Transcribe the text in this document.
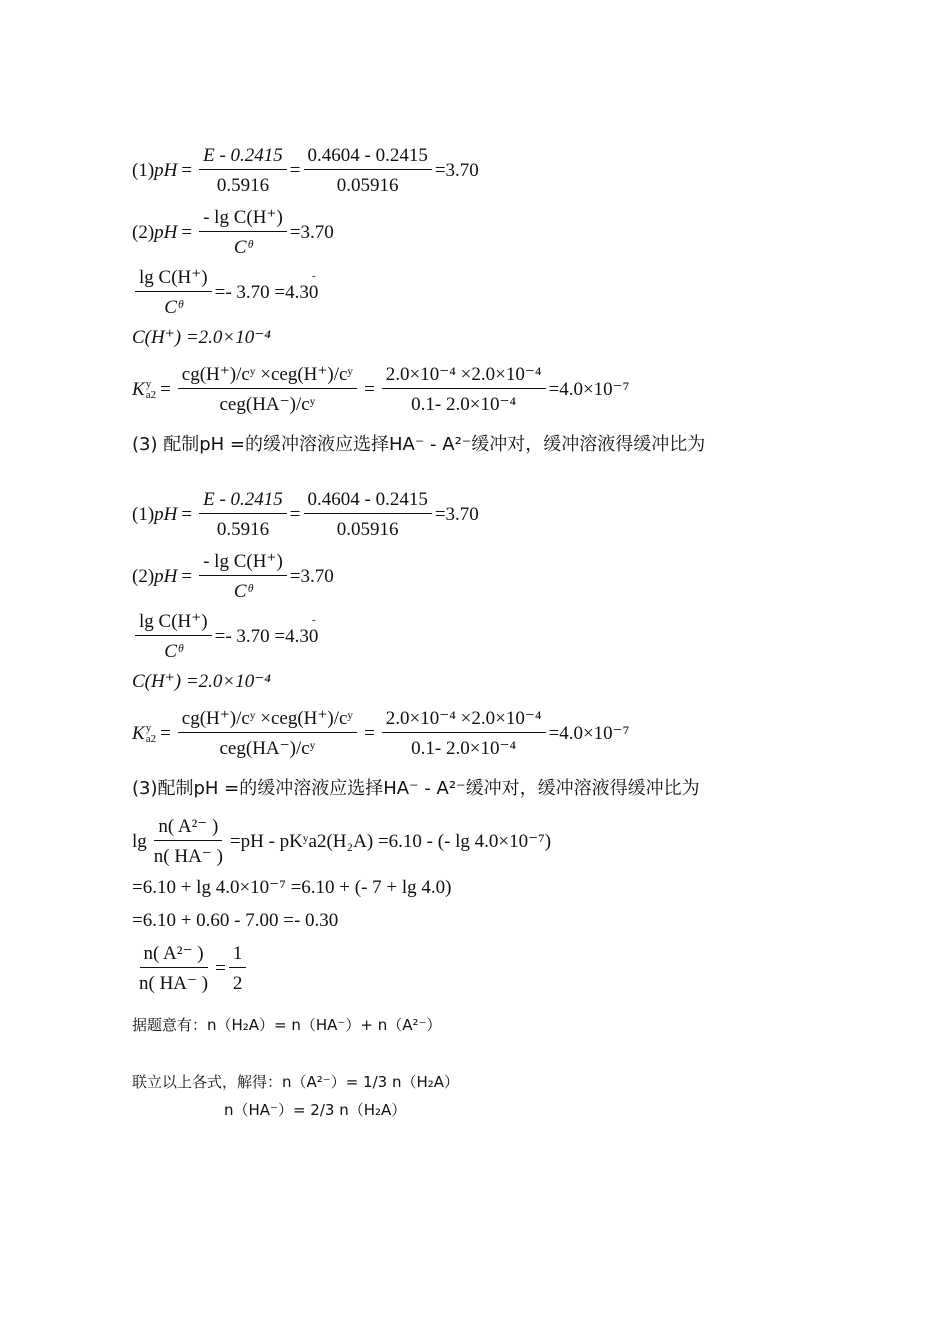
(1) pH = $\frac{E - 0.2415}{0.5916} = \frac{0.4604 - 0.2415}{0.05916} =3.70$
(2) pH = $\frac{\text{- lg C(H⁺)}}{\text{Cᶿ}} =3.70$
$\frac{\text{lg C(H⁺)}}{\text{Cᶿ}} =- 3.70 =4.30$
-
C(H⁺) =2.0×10⁻⁴
K y
$a2 = \frac{\text{cg(H⁺)/cʸ ×ceg(H⁺)/cʸ}}{\text{ceg(HA⁻)/cʸ}} = \frac{\text{2.0×10⁻⁴ ×2.0×10⁻⁴}}{\text{0.1- 2.0×10⁻⁴}} =4.0\times 10^{-7}$
(3) 配制pH =的缓冲溶液应选择HA⁻ - A²⁻缓冲对，缓冲溶液得缓冲比为
(1) pH = $\frac{E - 0.2415}{0.5916} = \frac{0.4604 - 0.2415}{0.05916} =3.70$
(2) pH = $\frac{\text{- lg C(H⁺)}}{\text{Cᶿ}} =3.70$
$\frac{\text{lg C(H⁺)}}{\text{Cᶿ}} =- 3.70 =4.30$
-
C(H⁺) =2.0×10⁻⁴
K y
$a2 = \frac{\text{cg(H⁺)/cʸ ×ceg(H⁺)/cʸ}}{\text{ceg(HA⁻)/cʸ}} = \frac{\text{2.0×10⁻⁴ ×2.0×10⁻⁴}}{\text{0.1- 2.0×10⁻⁴}} =4.0\times 10^{-7}$
(3)配制pH =的缓冲溶液应选择HA⁻ - A²⁻缓冲对，缓冲溶液得缓冲比为
$\lg \frac{\text{n( A²⁻ )}}{n( HA^- )} =pH$ - pKʸa2(H₂A) =6.10 - (- lg 4.0×10⁻⁷)
=6.10 + lg 4.0×10⁻⁷ =6.10 + (- 7 + lg 4.0)
=6.10 + 0.60 - 7.00 =- 0.30
$\frac{\text{n( A²⁻ )}}{n( HA^- )} = \frac{1}{2}$
据题意有：n（H₂A）= n（HA⁻）+ n（A²⁻）
联立以上各式，解得：n（A²⁻）= 1/3 n（H₂A）
n（HA⁻）= 2/3 n（H₂A）
